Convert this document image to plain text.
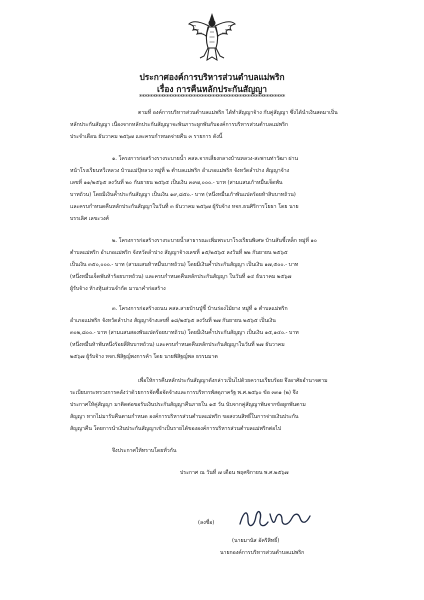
ประกาศองค์การบริหารส่วนตำบลแม่พริก
เรื่อง การคืนหลักประกันสัญญา
******************************************************
ตามที่ องค์การบริหารส่วนตำบลแม่พริก ได้ทำสัญญาจ้าง กับคู่สัญญา ซึ่งได้นำเงินสดมาเป็น
หลักประกันสัญญา เนื่องจากหลักประกันสัญญาจะพ้นภาระผูกพันกับองค์การบริหารส่วนตำบลแม่พริก
ประจำเดือน ธันวาคม ๒๕๖๗ และครบกำหนดจ่ายคืน ๓ รายการ ดังนี้
๑. โครงการก่อสร้างรางระบายน้ำ คสล.จากเสี่ยงกลางบ้านหลวง-สะพานท่าวัฒา ผ่าน
หน้าโรงเรียนหวีเหลวง บ้านแม่ปุ้หลวง หมู่ที่ ๒ ตำบลแม่พริก อำเภอแม่พริก จังหวัดลำปาง สัญญาจ้าง
เลขที่ ๑๑/๒๕๖๕ ลงวันที่ ๒๐ กันยายน ๒๕๖๕ เป็นเงิน ๓๙๗,๐๐๐.- บาท (สามแสนเก้าหมื่นเจ็ดพัน
บาทถ้วน) โดยมีเงินค้ำประกันสัญญา เป็นเงิน ๑๙,๘๕๐.- บาท (หนึ่งหมื่นเก้าพันแปดร้อยห้าสิบบาทถ้วน)
และครบกำหนดคืนหลักประกันสัญญาในวันที่ ๓ ธันวาคม ๒๕๖๗ ผู้รับจ้าง หจก.ธนศิริการโยธา โดย นาย
บรรเลิศ เลขะวงศ์
๒. โครงการก่อสร้างรางระบายน้ำสาธารณะเพิ่มพระบาโรงเรียนพิเศษ บ้านสันชี้เหล็ก หมู่ที่ ๑๐
ตำบลแม่พริก อำเภอแม่พริก จังหวัดลำปาง สัญญาจ้างเลขที่ ๑๕/๒๕๖๕ ลงวันที่ ๒๒ กันยายน ๒๕๖๕
เป็นเงิน ๓๕๐,๐๐๐.- บาท (สามแสนห้าหมื่นบาทถ้วน) โดยมีเงินค้ำประกันสัญญา เป็นเงิน ๑๗,๕๐๐.- บาท
(หนึ่งหมื่นเจ็ดพันห้าร้อยบาทถ้วน) และครบกำหนดคืนหลักประกันสัญญา ในวันที่ ๑๔ ธันวาคม ๒๕๖๗
ผู้รับจ้าง ห้างหุ้นส่วนจำกัด มานาคำก่อสร้าง
๓. โครงการก่อสร้างถนน คสล.สายบ้านปู่ชี้ บ้านร่องไม้ยาง หมู่ที่ ๑ ตำบลแม่พริก
อำเภอแม่พริก จังหวัดลำปาง สัญญาจ้างเลขที่ ๑๘/๒๕๖๕ ลงวันที่ ๒๗ กันยายน ๒๕๖๕ เป็นเงิน
๓๐๒,๘๐๐.- บาท (สามแสนสองพันแปดร้อยบาทถ้วน) โดยมีเงินค้ำประกันสัญญา เป็นเงิน ๑๕,๑๔๐.- บาท
(หนึ่งหมื่นห้าพันหนึ่งร้อยสี่สิบบาทถ้วน) และครบกำหนดคืนหลักประกันสัญญาในวันที่ ๒๗ ธันวาคม
๒๕๖๗ ผู้รับจ้าง หจก.พิสิฐญ์พงการค้า โดย นายพิสิฐญ์พล ธรรมมาต
เพื่อให้การคืนหลักประกันสัญญาดังกล่าวเป็นไปด้วยความเรียบร้อย จึงอาศัยอำนาจตาม
ระเบียบกระทรวงการคลังว่าด้วยการจัดซื้อจัดจ้างและการบริหารพัสดุภาครัฐ พ.ศ.๒๕๖๐ ข้อ ๓๓๑ (๒) จึง
ประกาศให้คู่สัญญา มาติดต่อขอรับเงินประกันสัญญาคืนภายใน ๑๕ วัน นับจากคู่สัญญาพ้นจากข้อผูกพันตาม
สัญญา หากไม่มารับคืนตามกำหนด องค์การบริหารส่วนตำบลแม่พริก ขอสงวนสิทธิ์ในการจ่ายเงินประกัน
สัญญาคืน โดยการนำเงินประกันสัญญาเข้าเป็นรายได้ขององค์การบริหารส่วนตำบลแม่พริกต่อไป
จึงประกาศให้ทราบโดยทั่วกัน
ประกาศ ณ วันที่ ๗ เดือน พฤศจิกายน พ.ศ.๒๕๖๗
(ลงชื่อ)
(นายมานัส อัคริสิทธิ์)
นายกองค์การบริหารส่วนตำบลแม่พริก
